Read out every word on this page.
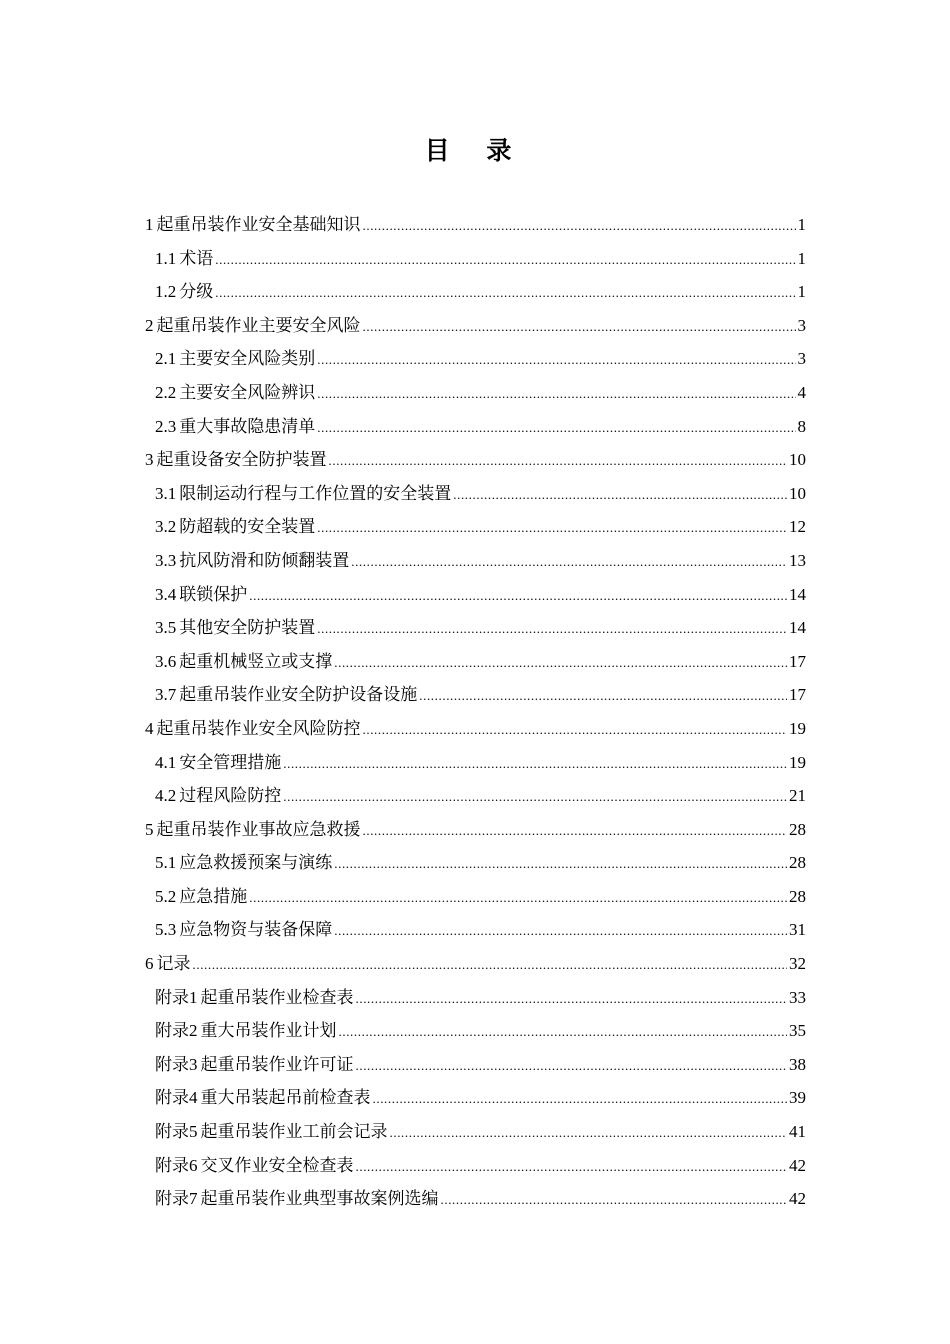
目 录
1 起重吊装作业安全基础知识 .....	1
1.1 术语 .....	1
1.2 分级 .....	1
2 起重吊装作业主要安全风险 .....	3
2.1 主要安全风险类别 .....	3
2.2 主要安全风险辨识 .....	4
2.3 重大事故隐患清单 .....	8
3 起重设备安全防护装置 .....	10
3.1 限制运动行程与工作位置的安全装置 .....	10
3.2 防超载的安全装置 .....	12
3.3 抗风防滑和防倾翻装置 .....	13
3.4 联锁保护 .....	14
3.5 其他安全防护装置 .....	14
3.6 起重机械竖立或支撑 .....	17
3.7 起重吊装作业安全防护设备设施 .....	17
4 起重吊装作业安全风险防控 .....	19
4.1 安全管理措施 .....	19
4.2 过程风险防控 .....	21
5 起重吊装作业事故应急救援 .....	28
5.1 应急救援预案与演练 .....	28
5.2 应急措施 .....	28
5.3 应急物资与装备保障 .....	31
6 记录 .....	32
附录1 起重吊装作业检查表 .....	33
附录2 重大吊装作业计划 .....	35
附录3 起重吊装作业许可证 .....	38
附录4 重大吊装起吊前检查表 .....	39
附录5 起重吊装作业工前会记录 .....	41
附录6 交叉作业安全检查表 .....	42
附录7 起重吊装作业典型事故案例选编 .....	42
